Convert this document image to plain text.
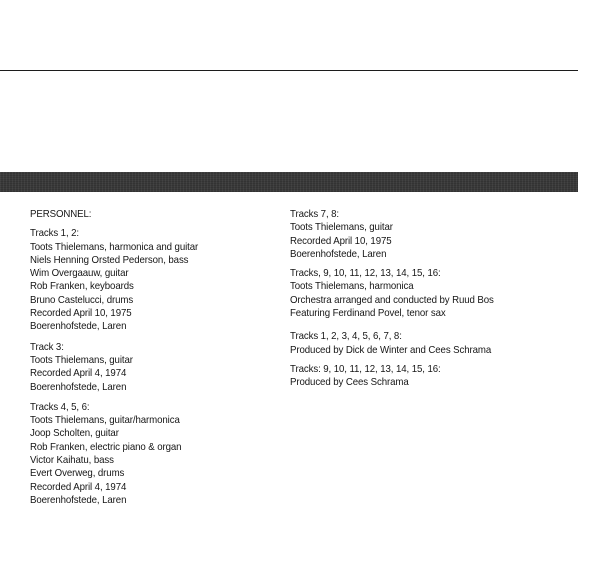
PERSONNEL:
Tracks 1, 2:
Toots Thielemans, harmonica and guitar
Niels Henning Orsted Pederson, bass
Wim Overgaauw, guitar
Rob Franken, keyboards
Bruno Castelucci, drums
Recorded April 10, 1975
Boerenhofstede, Laren
Track 3:
Toots Thielemans, guitar
Recorded April 4, 1974
Boerenhofstede, Laren
Tracks 4, 5, 6:
Toots Thielemans, guitar/harmonica
Joop Scholten, guitar
Rob Franken, electric piano & organ
Victor Kaihatu, bass
Evert Overweg, drums
Recorded April 4, 1974
Boerenhofstede, Laren
Tracks 7, 8:
Toots Thielemans, guitar
Recorded April 10, 1975
Boerenhofstede, Laren
Tracks, 9, 10, 11, 12, 13, 14, 15, 16:
Toots Thielemans, harmonica
Orchestra arranged and conducted by Ruud Bos
Featuring Ferdinand Povel, tenor sax
Tracks 1, 2, 3, 4, 5, 6, 7, 8:
Produced by Dick de Winter and Cees Schrama
Tracks: 9, 10, 11, 12, 13, 14, 15, 16:
Produced by Cees Schrama
